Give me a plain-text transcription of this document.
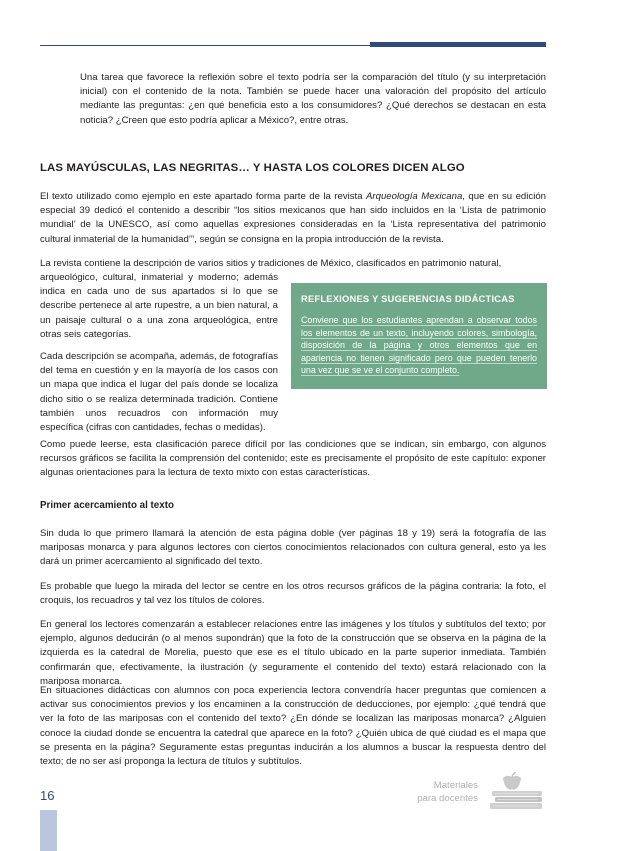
Una tarea que favorece la reflexión sobre el texto podría ser la comparación del título (y su interpretación inicial) con el contenido de la nota. También se puede hacer una valoración del propósito del artículo mediante las preguntas: ¿en qué beneficia esto a los consumidores? ¿Qué derechos se destacan en esta noticia? ¿Creen que esto podría aplicar a México?, entre otras.

LAS MAYÚSCULAS, LAS NEGRITAS… Y HASTA LOS COLORES DICEN ALGO

El texto utilizado como ejemplo en este apartado forma parte de la revista Arqueología Mexicana, que en su edición especial 39 dedicó el contenido a describir “los sitios mexicanos que han sido incluidos en la ‘Lista de patrimonio mundial’ de la UNESCO, así como aquellas expresiones consideradas en la ‘Lista representativa del patrimonio cultural inmaterial de la humanidad’”, según se consigna en la propia introducción de la revista.

La revista contiene la descripción de varios sitios y tradiciones de México, clasificados en patrimonio natural,

arqueológico, cultural, inmaterial y moderno; además indica en cada uno de sus apartados si lo que se describe pertenece al arte rupestre, a un bien natural, a un paisaje cultural o a una zona arqueológica, entre otras seis categorías.

Cada descripción se acompaña, además, de fotografías del tema en cuestión y en la mayoría de los casos con un mapa que indica el lugar del país donde se localiza dicho sitio o se realiza determinada tradición. Contiene también unos recuadros con información muy específica (cifras con cantidades, fechas o medidas).

REFLEXIONES Y SUGERENCIAS DIDÁCTICAS

Conviene que los estudiantes aprendan a observar todos los elementos de un texto, incluyendo colores, simbología, disposición de la página y otros elementos que en apariencia no tienen significado pero que pueden tenerlo una vez que se ve el conjunto completo.

Como puede leerse, esta clasificación parece difícil por las condiciones que se indican, sin embargo, con algunos recursos gráficos se facilita la comprensión del contenido; este es precisamente el propósito de este capítulo: exponer algunas orientaciones para la lectura de texto mixto con estas características.

Primer acercamiento al texto

Sin duda lo que primero llamará la atención de esta página doble (ver páginas 18 y 19) será la fotografía de las mariposas monarca y para algunos lectores con ciertos conocimientos relacionados con cultura general, esto ya les dará un primer acercamiento al significado del texto.

Es probable que luego la mirada del lector se centre en los otros recursos gráficos de la página contraria: la foto, el croquis, los recuadros y tal vez los títulos de colores.

En general los lectores comenzarán a establecer relaciones entre las imágenes y los títulos y subtítulos del texto; por ejemplo, algunos deducirán (o al menos supondrán) que la foto de la construcción que se observa en la página de la izquierda es la catedral de Morelia, puesto que ese es el título ubicado en la parte superior inmediata. También confirmarán que, efectivamente, la ilustración (y seguramente el contenido del texto) estará relacionado con la mariposa monarca.

En situaciones didácticas con alumnos con poca experiencia lectora convendría hacer preguntas que comiencen a activar sus conocimientos previos y los encaminen a la construcción de deducciones, por ejemplo: ¿qué tendrá que ver la foto de las mariposas con el contenido del texto? ¿En dónde se localizan las mariposas monarca? ¿Alguien conoce la ciudad donde se encuentra la catedral que aparece en la foto? ¿Quién ubica de qué ciudad es el mapa que se presenta en la página? Seguramente estas preguntas inducirán a los alumnos a buscar la respuesta dentro del texto; de no ser así proponga la lectura de títulos y subtítulos.

16
Materiales
para docentes
